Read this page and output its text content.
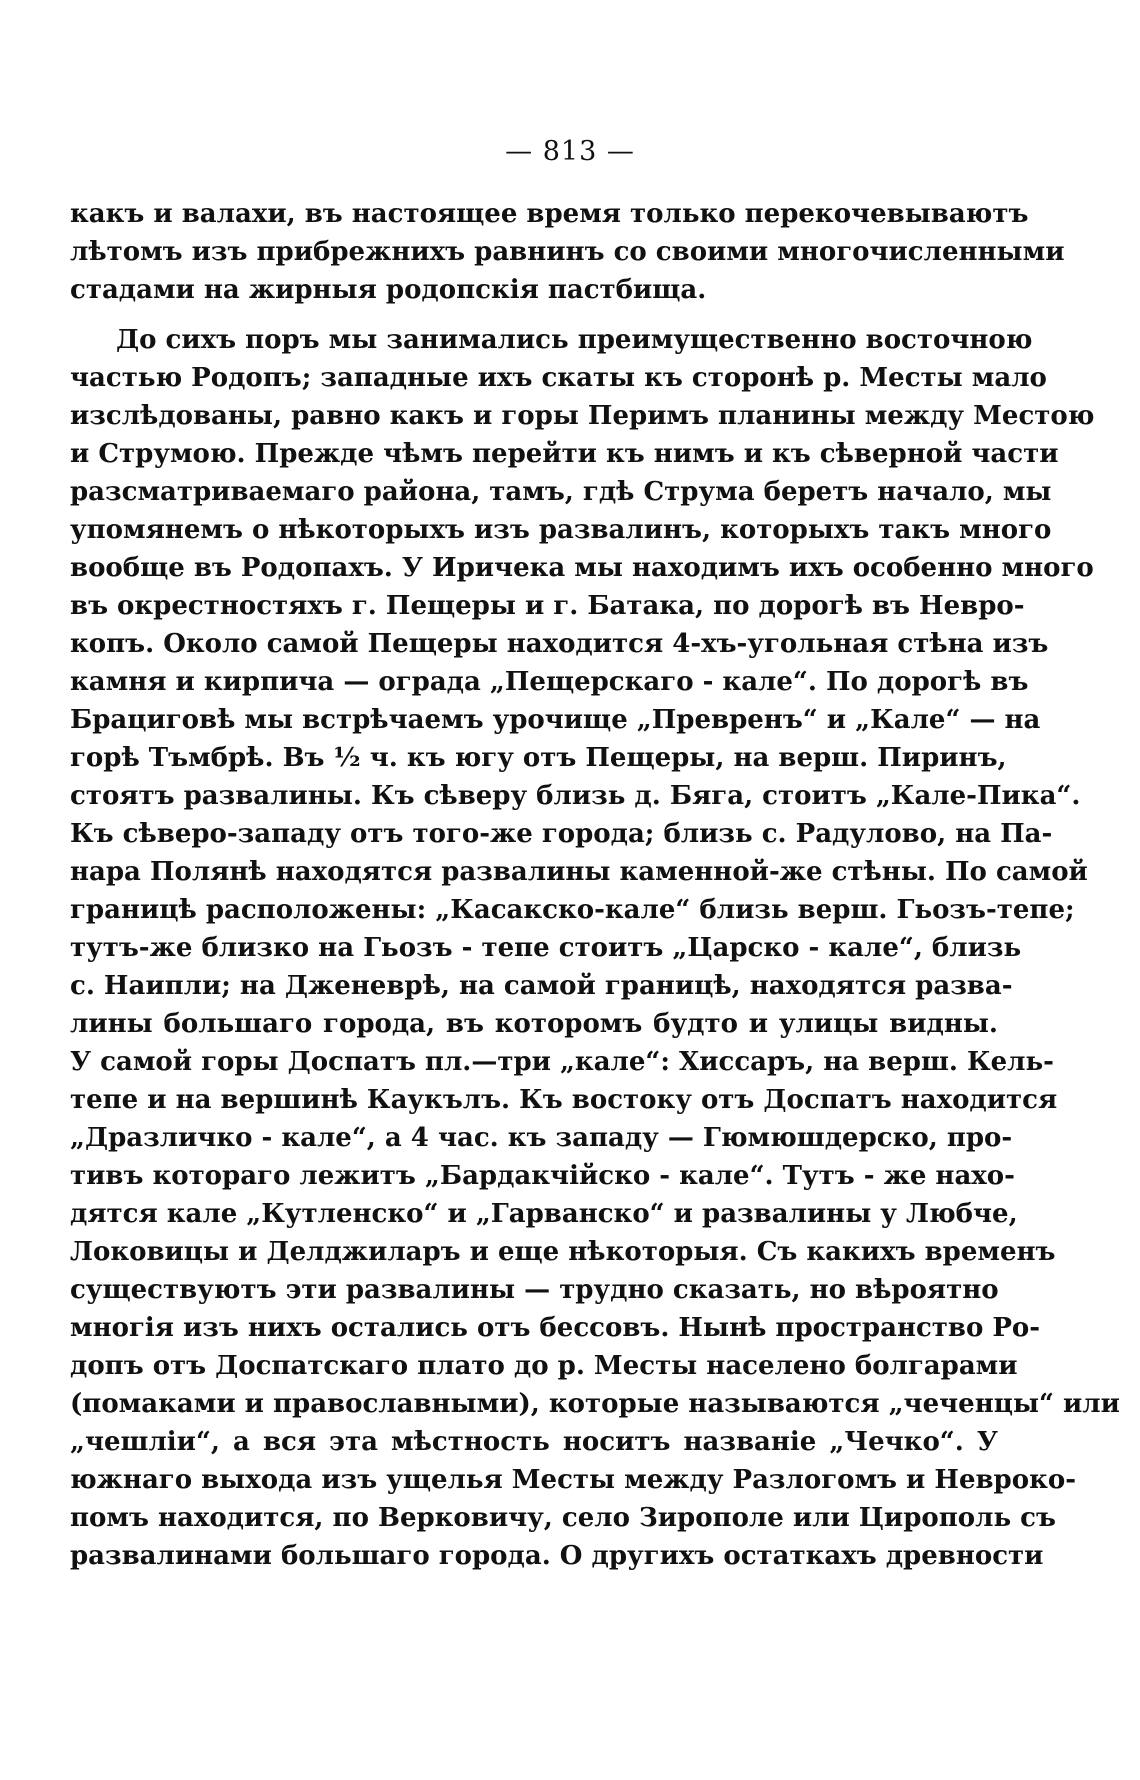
— 813 —
какъ и валахи, въ настоящее время только перекочевываютъ
лѣтомъ изъ прибрежнихъ равнинъ со своими многочисленными
стадами на жирныя родопскія пастбища.
До сихъ поръ мы занимались преимущественно восточною
частью Родопъ; западные ихъ скаты къ сторонѣ р. Месты мало
изслѣдованы, равно какъ и горы Перимъ планины между Местою
и Струмою. Прежде чѣмъ перейти къ нимъ и къ сѣверной части
разсматриваемаго района, тамъ, гдѣ Струма беретъ начало, мы
упомянемъ о нѣкоторыхъ изъ развалинъ, которыхъ такъ много
вообще въ Родопахъ. У Иричека мы находимъ ихъ особенно много
въ окрестностяхъ г. Пещеры и г. Батака, по дорогѣ въ Невро-
копъ. Около самой Пещеры находится 4-хъ-угольная стѣна изъ
камня и кирпича — ограда „Пещерскаго - кале“. По дорогѣ въ
Брациговѣ мы встрѣчаемъ урочище „Превренъ“ и „Кале“ — на
горѣ Тъмбрѣ. Въ ½ ч. къ югу отъ Пещеры, на верш. Пиринъ,
стоятъ развалины. Къ сѣверу близь д. Бяга, стоитъ „Кале-Пика“.
Къ сѣверо-западу отъ того-же города; близь с. Радулово, на Па-
нара Полянѣ находятся развалины каменной-же стѣны. По самой
границѣ расположены: „Касакско-кале“ близь верш. Гьозъ-тепе;
тутъ-же близко на Гьозъ - тепе стоитъ „Царско - кале“, близь
с. Наипли; на Дженеврѣ, на самой границѣ, находятся разва-
лины большаго города, въ которомъ будто и улицы видны.
У самой горы Доспатъ пл.—три „кале“: Хиссаръ, на верш. Кель-
тепе и на вершинѣ Каукълъ. Къ востоку отъ Доспатъ находится
„Дразличко - кале“, а 4 час. къ западу — Гюмюшдерско, про-
тивъ котораго лежитъ „Бардакчійско - кале“. Тутъ - же нахо-
дятся кале „Кутленско“ и „Гарванско“ и развалины у Любче,
Локовицы и Делджиларъ и еще нѣкоторыя. Съ какихъ временъ
существуютъ эти развалины — трудно сказать, но вѣроятно
многія изъ нихъ остались отъ бессовъ. Нынѣ пространство Ро-
допъ отъ Доспатскаго плато до р. Месты населено болгарами
(помаками и православными), которые называются „чеченцы“ или
„чешліи“, а вся эта мѣстность носитъ названіе „Чечко“. У
южнаго выхода изъ ущелья Месты между Разлогомъ и Невроко-
помъ находится, по Верковичу, село Зирополе или Цирополь съ
развалинами большаго города. О другихъ остаткахъ древности
